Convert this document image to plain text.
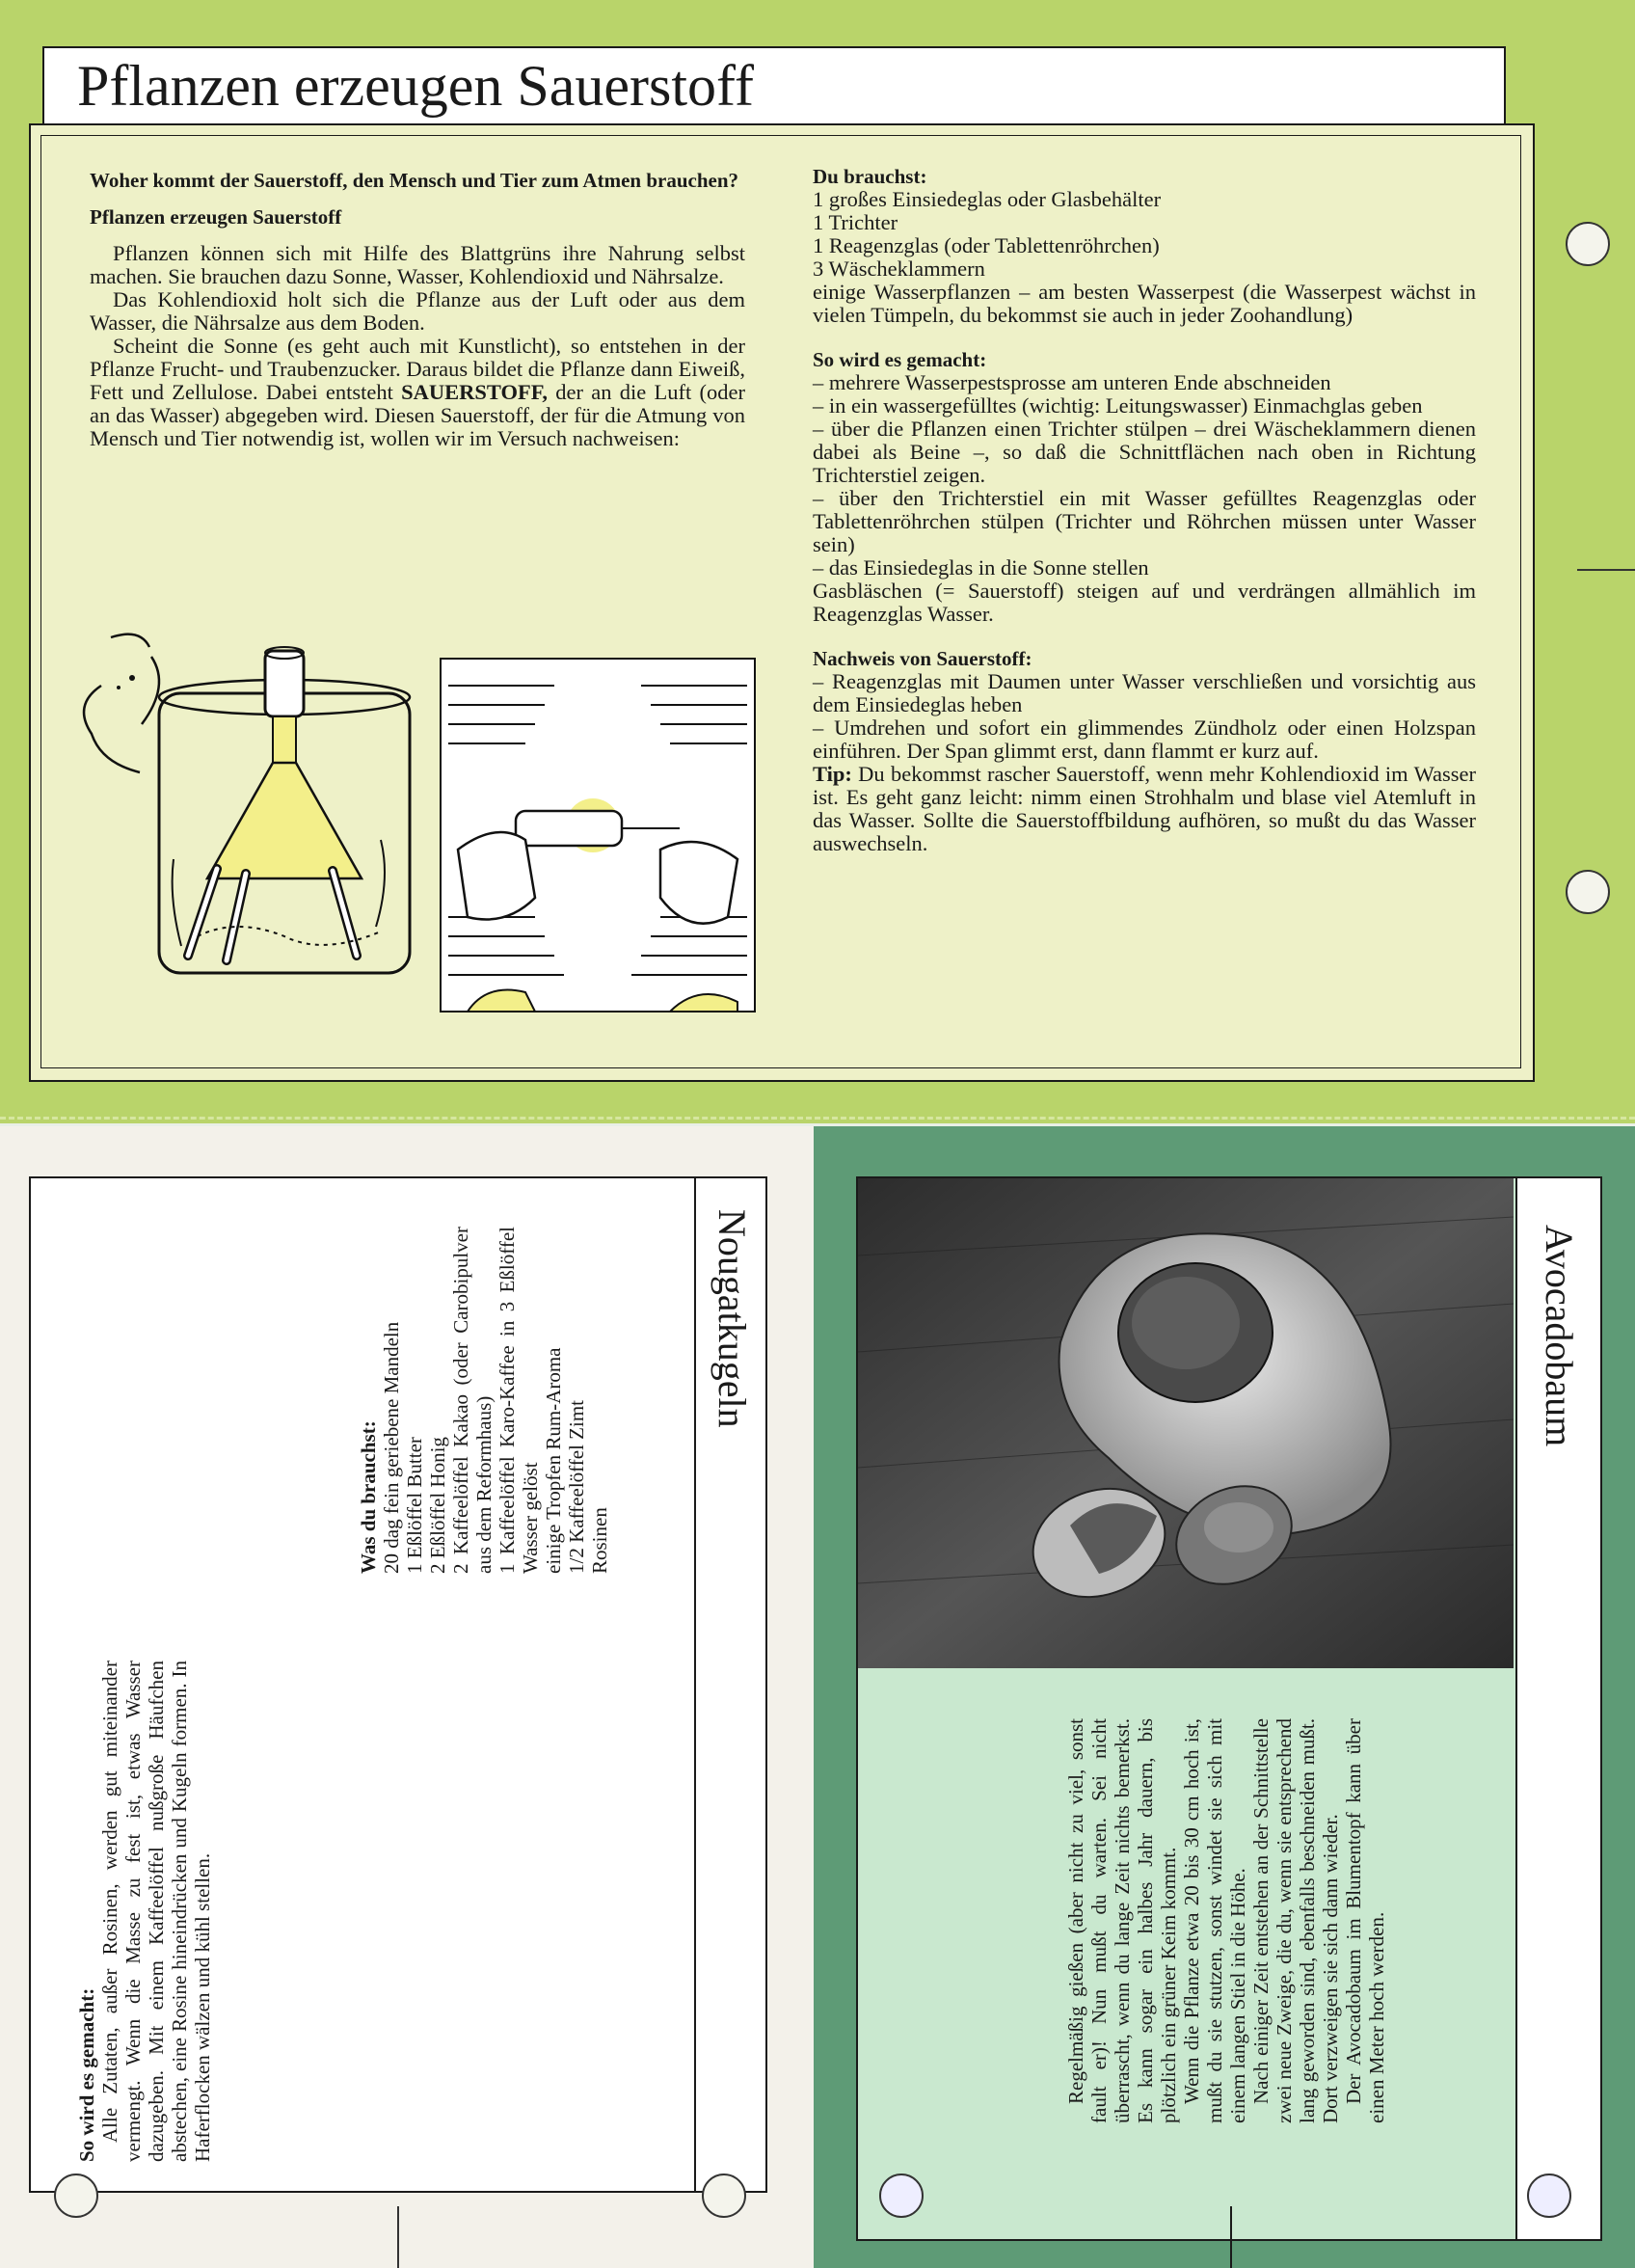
Pflanzen erzeugen Sauerstoff
Woher kommt der Sauerstoff, den Mensch und Tier zum Atmen brauchen?
Pflanzen erzeugen Sauerstoff

Pflanzen können sich mit Hilfe des Blattgrüns ihre Nahrung selbst machen. Sie brauchen dazu Sonne, Wasser, Kohlendioxid und Nährsalze.

Das Kohlendioxid holt sich die Pflanze aus der Luft oder aus dem Wasser, die Nährsalze aus dem Boden.

Scheint die Sonne (es geht auch mit Kunstlicht), so entstehen in der Pflanze Frucht- und Traubenzucker. Daraus bildet die Pflanze dann Eiweiß, Fett und Zellulose. Dabei entsteht SAUERSTOFF, der an die Luft (oder an das Wasser) abgegeben wird. Diesen Sauerstoff, der für die Atmung von Mensch und Tier notwendig ist, wollen wir im Versuch nachweisen:

Du brauchst:

1 großes Einsiedeglas oder Glasbehälter

1 Trichter

1 Reagenzglas (oder Tablettenröhrchen)

3 Wäscheklammern

einige Wasserpflanzen – am besten Wasserpest (die Wasserpest wächst in vielen Tümpeln, du bekommst sie auch in jeder Zoohandlung)

So wird es gemacht:

– mehrere Wasserpestsprosse am unteren Ende abschneiden

– in ein wassergefülltes (wichtig: Leitungswasser) Einmachglas geben

– über die Pflanzen einen Trichter stülpen – drei Wäscheklammern dienen dabei als Beine –, so daß die Schnittflächen nach oben in Richtung Trichterstiel zeigen.

– über den Trichterstiel ein mit Wasser gefülltes Reagenzglas oder Tablettenröhrchen stülpen (Trichter und Röhrchen müssen unter Wasser sein)

– das Einsiedeglas in die Sonne stellen

Gasbläschen (= Sauerstoff) steigen auf und verdrängen allmählich im Reagenzglas Wasser.

Nachweis von Sauerstoff:

– Reagenzglas mit Daumen unter Wasser verschließen und vorsichtig aus dem Einsiedeglas heben

– Umdrehen und sofort ein glimmendes Zündholz oder einen Holzspan einführen. Der Span glimmt erst, dann flammt er kurz auf.

Tip: Du bekommst rascher Sauerstoff, wenn mehr Kohlendioxid im Wasser ist. Es geht ganz leicht: nimm einen Strohhalm und blase viel Atemluft in das Wasser. Sollte die Sauerstoffbildung aufhören, so mußt du das Wasser auswechseln.

Nougatkugeln

Was du brauchst: 20 dag fein geriebene Mandeln 1 Eßlöffel Butter 2 Eßlöffel Honig 2 Kaffeelöffel Kakao (oder Carobipulver aus dem Reformhaus) 1 Kaffeelöffel Karo-Kaffee in 3 Eßlöffel Wasser gelöst einige Tropfen Rum-Aroma 1/2 Kaffeelöffel Zimt Rosinen

So wird es gemacht: Alle Zutaten, außer Rosinen, werden gut miteinander vermengt. Wenn die Masse zu fest ist, etwas Wasser dazugeben. Mit einem Kaffeelöffel nußgroße Häufchen abstechen, eine Rosine hineindrücken und Kugeln formen. In Haferflocken wälzen und kühl stellen.	Regelmäßig gießen (aber nicht zu viel, sonst fault er)! Nun mußt du warten. Sei nicht überrascht, wenn du lange Zeit nichts bemerkst. Es kann sogar ein halbes Jahr dauern, bis plötzlich ein grüner Keim kommt. Wenn die Pflanze etwa 20 bis 30 cm hoch ist, mußt du sie stutzen, sonst windet sie sich mit einem langen Stiel in die Höhe. Nach einiger Zeit entstehen an der Schnittstelle zwei neue Zweige, die du, wenn sie entsprechend lang geworden sind, ebenfalls beschneiden mußt. Dort verzweigen sie sich dann wieder. Der Avocadobaum im Blumentopf kann über einen Meter hoch werden.

Avocadobaum
